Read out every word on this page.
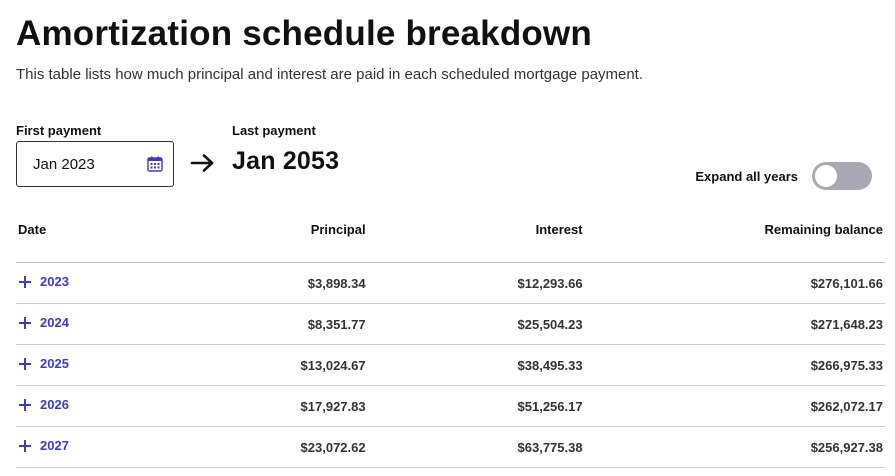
Amortization schedule breakdown
This table lists how much principal and interest are paid in each scheduled mortgage payment.
First payment
Jan 2023
Last payment
Jan 2053
Expand all years
Date	Principal	Interest	Remaining balance

2023	$3,898.34	$12,293.66	$276,101.66

2024	$8,351.77	$25,504.23	$271,648.23

2025	$13,024.67	$38,495.33	$266,975.33

2026	$17,927.83	$51,256.17	$262,072.17

2027	$23,072.62	$63,775.38	$256,927.38
